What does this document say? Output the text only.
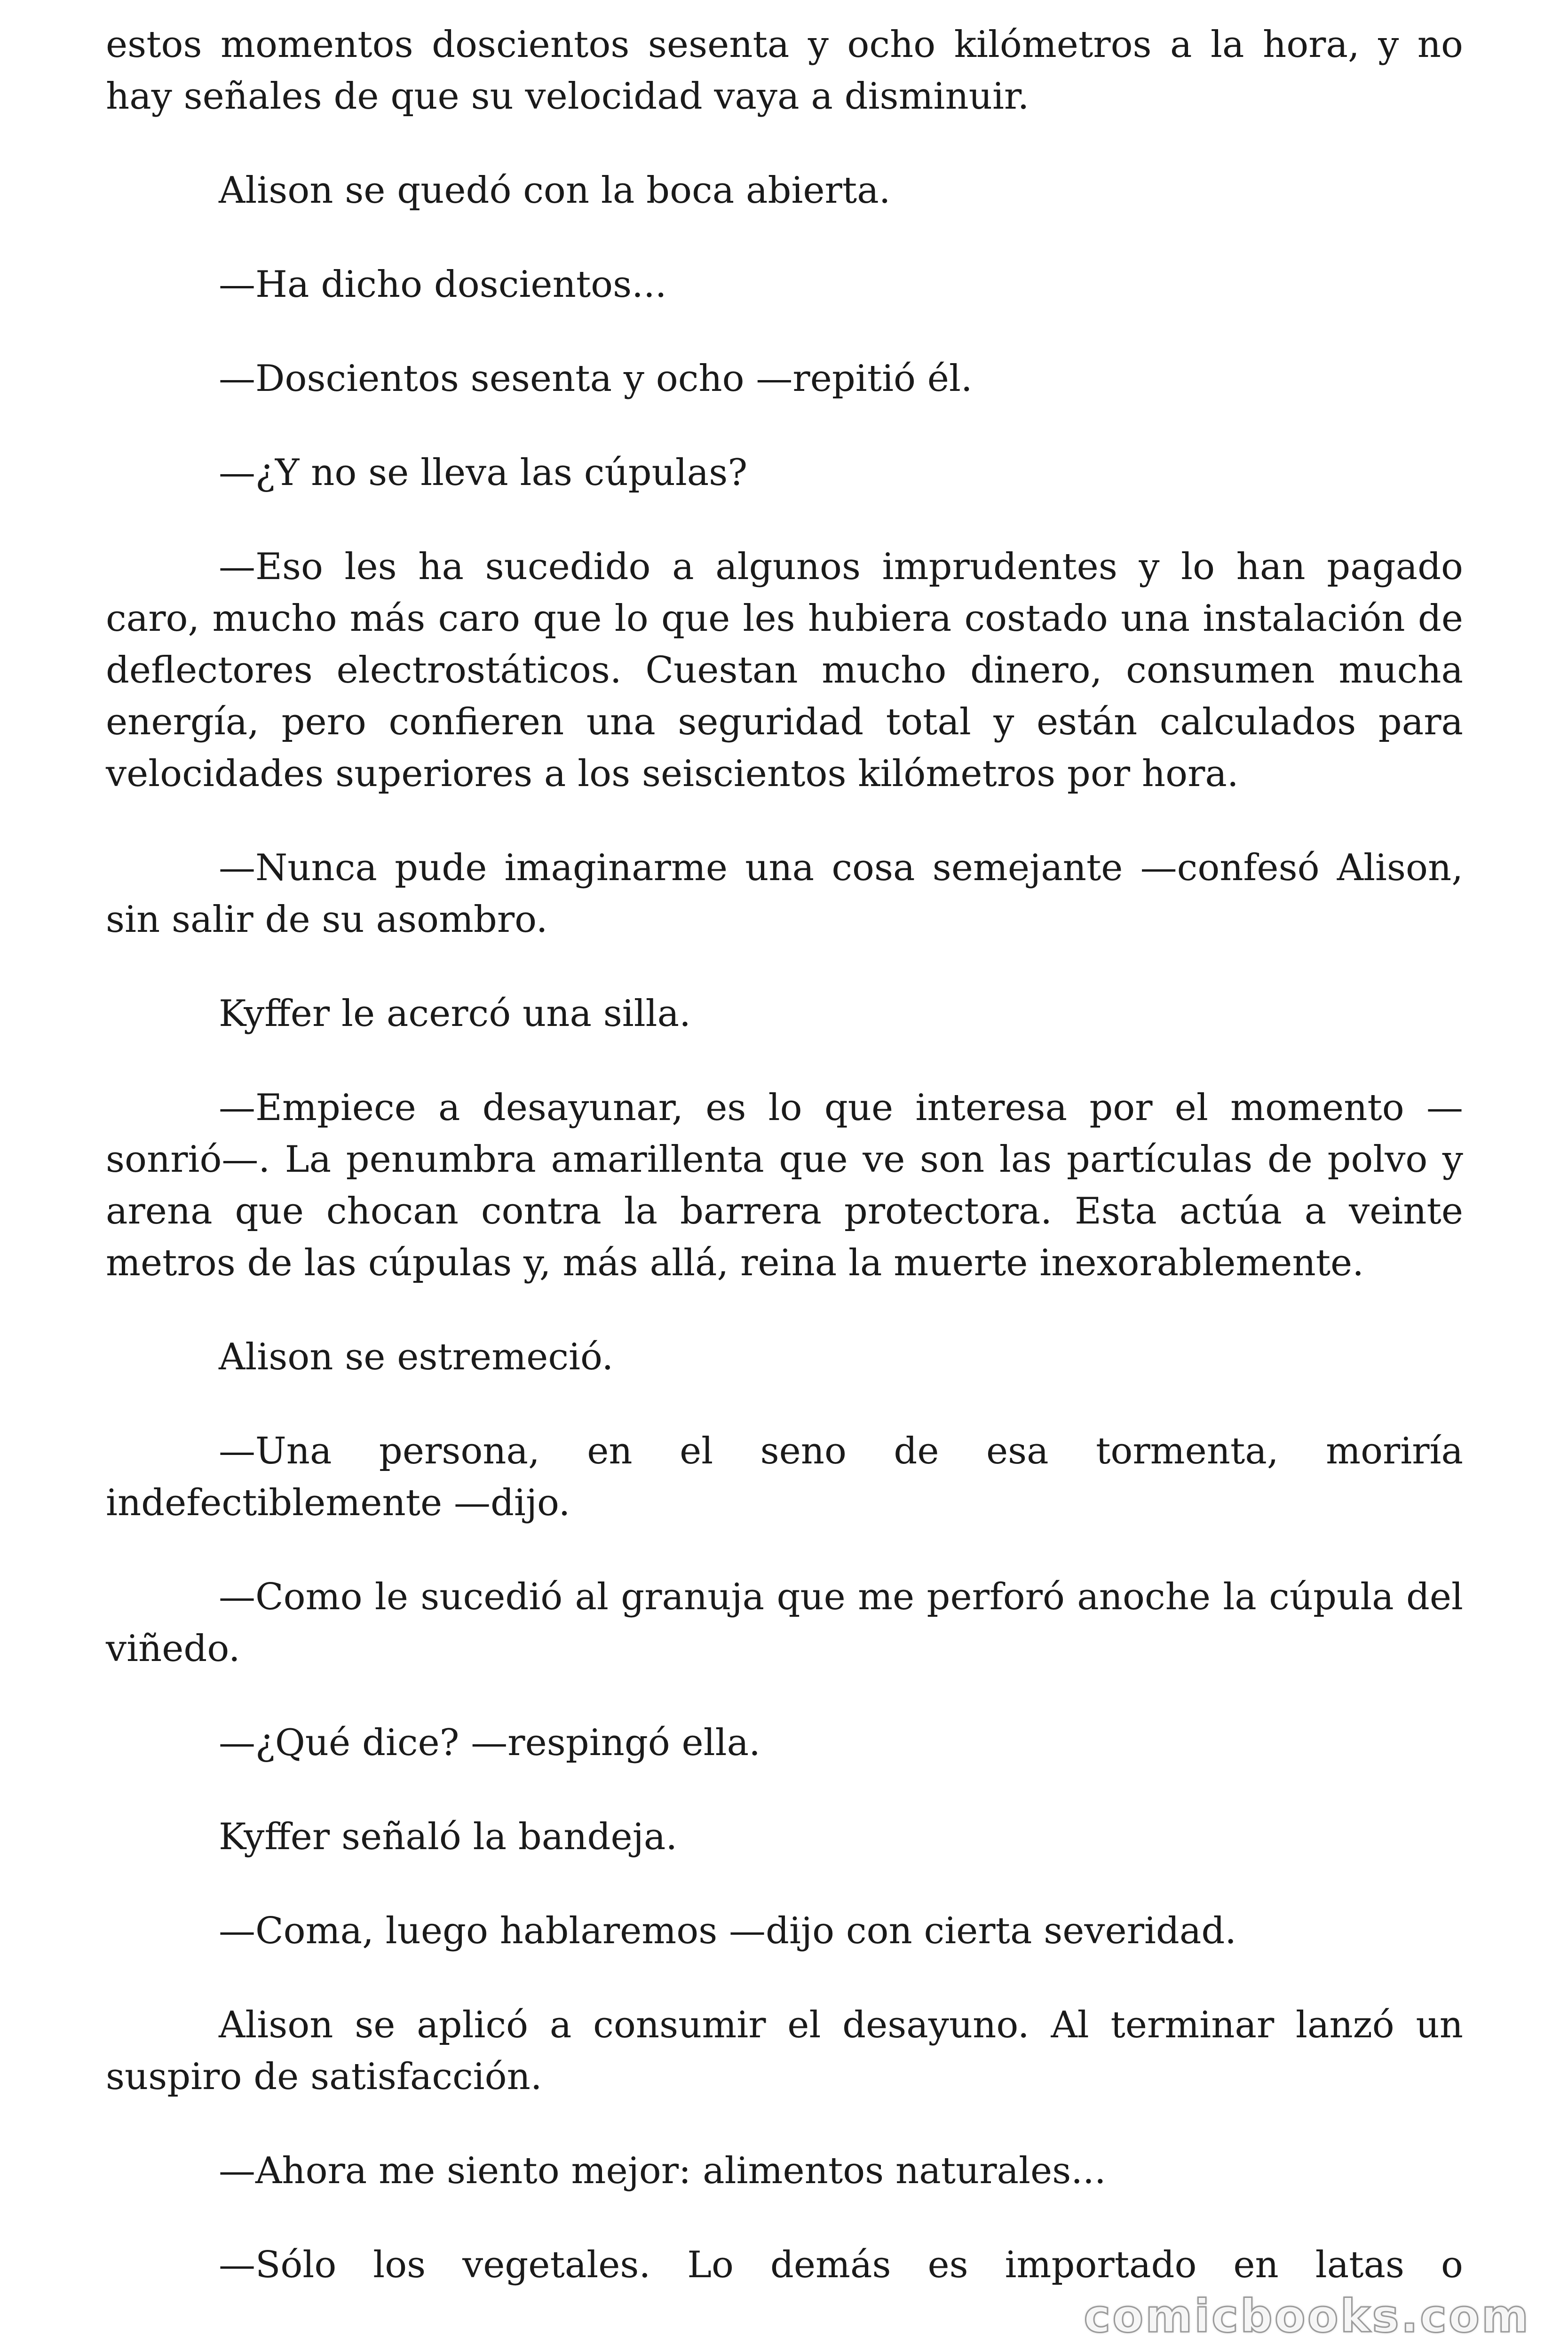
estos momentos doscientos sesenta y ocho kilómetros a la hora, y no hay señales de que su velocidad vaya a disminuir.

Alison se quedó con la boca abierta.

—Ha dicho doscientos...

—Doscientos sesenta y ocho —repitió él.

—¿Y no se lleva las cúpulas?

—Eso les ha sucedido a algunos imprudentes y lo han pagado caro, mucho más caro que lo que les hubiera costado una instalación de deflectores electrostáticos. Cuestan mucho dinero, consumen mucha energía, pero confieren una seguridad total y están calculados para velocidades superiores a los seiscientos kilómetros por hora.

—Nunca pude imaginarme una cosa semejante —confesó Alison, sin salir de su asombro.

Kyffer le acercó una silla.

—Empiece a desayunar, es lo que interesa por el momento —sonrió—. La penumbra amarillenta que ve son las partículas de polvo y arena que chocan contra la barrera protectora. Esta actúa a veinte metros de las cúpulas y, más allá, reina la muerte inexorablemente.

Alison se estremeció.

—Una persona, en el seno de esa tormenta, moriría indefectiblemente —dijo.

—Como le sucedió al granuja que me perforó anoche la cúpula del viñedo.

—¿Qué dice? —respingó ella.

Kyffer señaló la bandeja.

—Coma, luego hablaremos —dijo con cierta severidad.

Alison se aplicó a consumir el desayuno. Al terminar lanzó un suspiro de satisfacción.

—Ahora me siento mejor: alimentos naturales...

—Sólo los vegetales. Lo demás es importado en latas o

comicbooks.com
